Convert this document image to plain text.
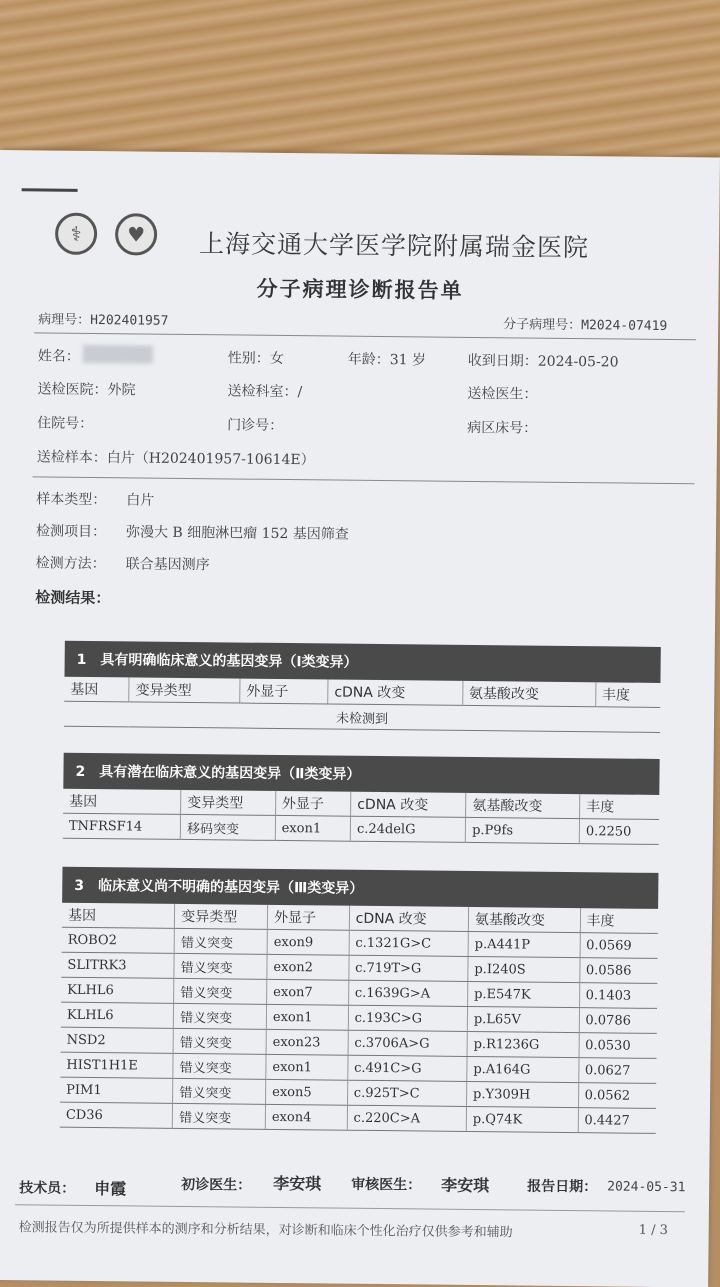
⚕ ♥ 上海交通大学医学院附属瑞金医院
分子病理诊断报告单
病理号：H202401957	分子病理号：M2024-07419
姓名：	性别：女	年龄：31 岁	收到日期：2024-05-20
送检医院：外院	送检科室：/	送检医生：
住院号：	门诊号：	病区床号：
送检样本：白片（H202401957-10614E）
样本类型： 白片
检测项目： 弥漫大 B 细胞淋巴瘤 152 基因筛查
检测方法： 联合基因测序
检测结果：
1　具有明确临床意义的基因变异（Ⅰ类变异）
基因	变异类型	外显子	cDNA 改变	氨基酸改变	丰度
未检测到
2　具有潜在临床意义的基因变异（Ⅱ类变异）
基因	变异类型	外显子	cDNA 改变	氨基酸改变	丰度
TNFRSF14	移码突变	exon1	c.24delG	p.P9fs	0.2250
3　临床意义尚不明确的基因变异（Ⅲ类变异）
基因	变异类型	外显子	cDNA 改变	氨基酸改变	丰度
ROBO2	错义突变	exon9	c.1321G>C	p.A441P	0.0569
SLITRK3	错义突变	exon2	c.719T>G	p.I240S	0.0586
KLHL6	错义突变	exon7	c.1639G>A	p.E547K	0.1403
KLHL6	错义突变	exon1	c.193C>G	p.L65V	0.0786
NSD2	错义突变	exon23	c.3706A>G	p.R1236G	0.0530
HIST1H1E	错义突变	exon1	c.491C>G	p.A164G	0.0627
PIM1	错义突变	exon5	c.925T>C	p.Y309H	0.0562
CD36	错义突变	exon4	c.220C>A	p.Q74K	0.4427
技术员： 申霞	初诊医生： 李安琪 审核医生： 李安琪	报告日期： 2024-05-31
检测报告仅为所提供样本的测序和分析结果，对诊断和临床个性化治疗仅供参考和辅助	1 / 3
